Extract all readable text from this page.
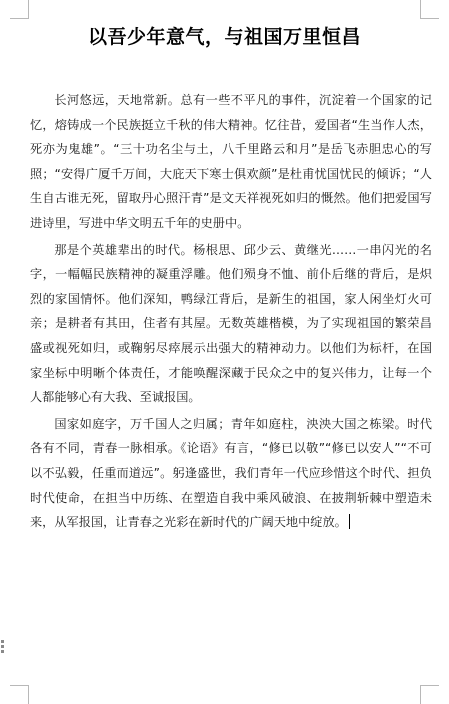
以吾少年意气，与祖国万里恒昌

长河悠远，天地常新。总有一些不平凡的事件，沉淀着一个国家的记忆，熔铸成一个民族挺立千秋的伟大精神。忆往昔，爱国者“生当作人杰，死亦为鬼雄”。“三十功名尘与土，八千里路云和月”是岳飞赤胆忠心的写照；“安得广厦千万间，大庇天下寒士俱欢颜”是杜甫忧国忧民的倾诉；“人生自古谁无死，留取丹心照汗青”是文天祥视死如归的慨然。他们把爱国写进诗里，写进中华文明五千年的史册中。

那是个英雄辈出的时代。杨根思、邱少云、黄继光……一串闪光的名字，一幅幅民族精神的凝重浮雕。他们殒身不恤、前仆后继的背后，是炽烈的家国情怀。他们深知，鸭绿江背后，是新生的祖国，家人闲坐灯火可亲；是耕者有其田，住者有其屋。无数英雄楷模，为了实现祖国的繁荣昌盛或视死如归，或鞠躬尽瘁展示出强大的精神动力。以他们为标杆，在国家坐标中明晰个体责任，才能唤醒深藏于民众之中的复兴伟力，让每一个人都能够心有大我、至诚报国。

国家如庭字，万千国人之归属；青年如庭柱，泱泱大国之栋梁。时代各有不同，青春一脉相承。《论语》有言，“修已以敬”“修已以安人”“不可以不弘毅，任重而道远”。躬逢盛世，我们青年一代应珍惜这个时代、担负时代使命，在担当中历练、在塑造自我中乘风破浪、在披荆斩棘中塑造未来，从军报国，让青春之光彩在新时代的广阔天地中绽放。
